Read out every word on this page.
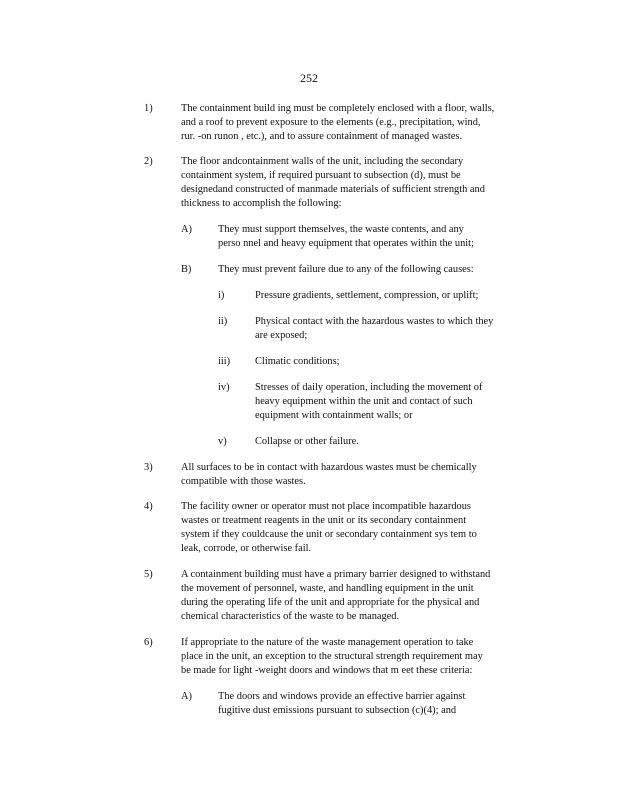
252
1)	The containment build ing must be completely enclosed with a floor, walls,
and a roof to prevent exposure to the elements (e.g., precipitation, wind,
rur. -on runon , etc.), and to assure containment of managed wastes.
2)	The floor andcontainment walls of the unit, including the secondary
containment system, if required pursuant to subsection (d), must be
designedand constructed of manmade materials of sufficient strength and
thickness to accomplish the following:
A)	They must support themselves, the waste contents, and any
perso nnel and heavy equipment that operates within the unit;
B)	They must prevent failure due to any of the following causes:
i)	Pressure gradients, settlement, compression, or uplift;
ii)	Physical contact with the hazardous wastes to which they
are exposed;
iii) Climatic conditions;
iv) Stresses of daily operation, including the movement of
heavy equipment within the unit and contact of such
equipment with containment walls; or
v)	Collapse or other failure.
3)	All surfaces to be in contact with hazardous wastes must be chemically
compatible with those wastes.
4)	The facility owner or operator must not place incompatible hazardous
wastes or treatment reagents in the unit or its secondary containment
system if they couldcause the unit or secondary containment sys tem to
leak, corrode, or otherwise fail.
5)	A containment building must have a primary barrier designed to withstand
the movement of personnel, waste, and handling equipment in the unit
during the operating life of the unit and appropriate for the physical and
chemical characteristics of the waste to be managed.
6)	If appropriate to the nature of the waste management operation to take
place in the unit, an exception to the structural strength requirement may
be made for light -weight doors and windows that m eet these criteria:
A)	The doors and windows provide an effective barrier against
fugitive dust emissions pursuant to subsection (c)(4); and
